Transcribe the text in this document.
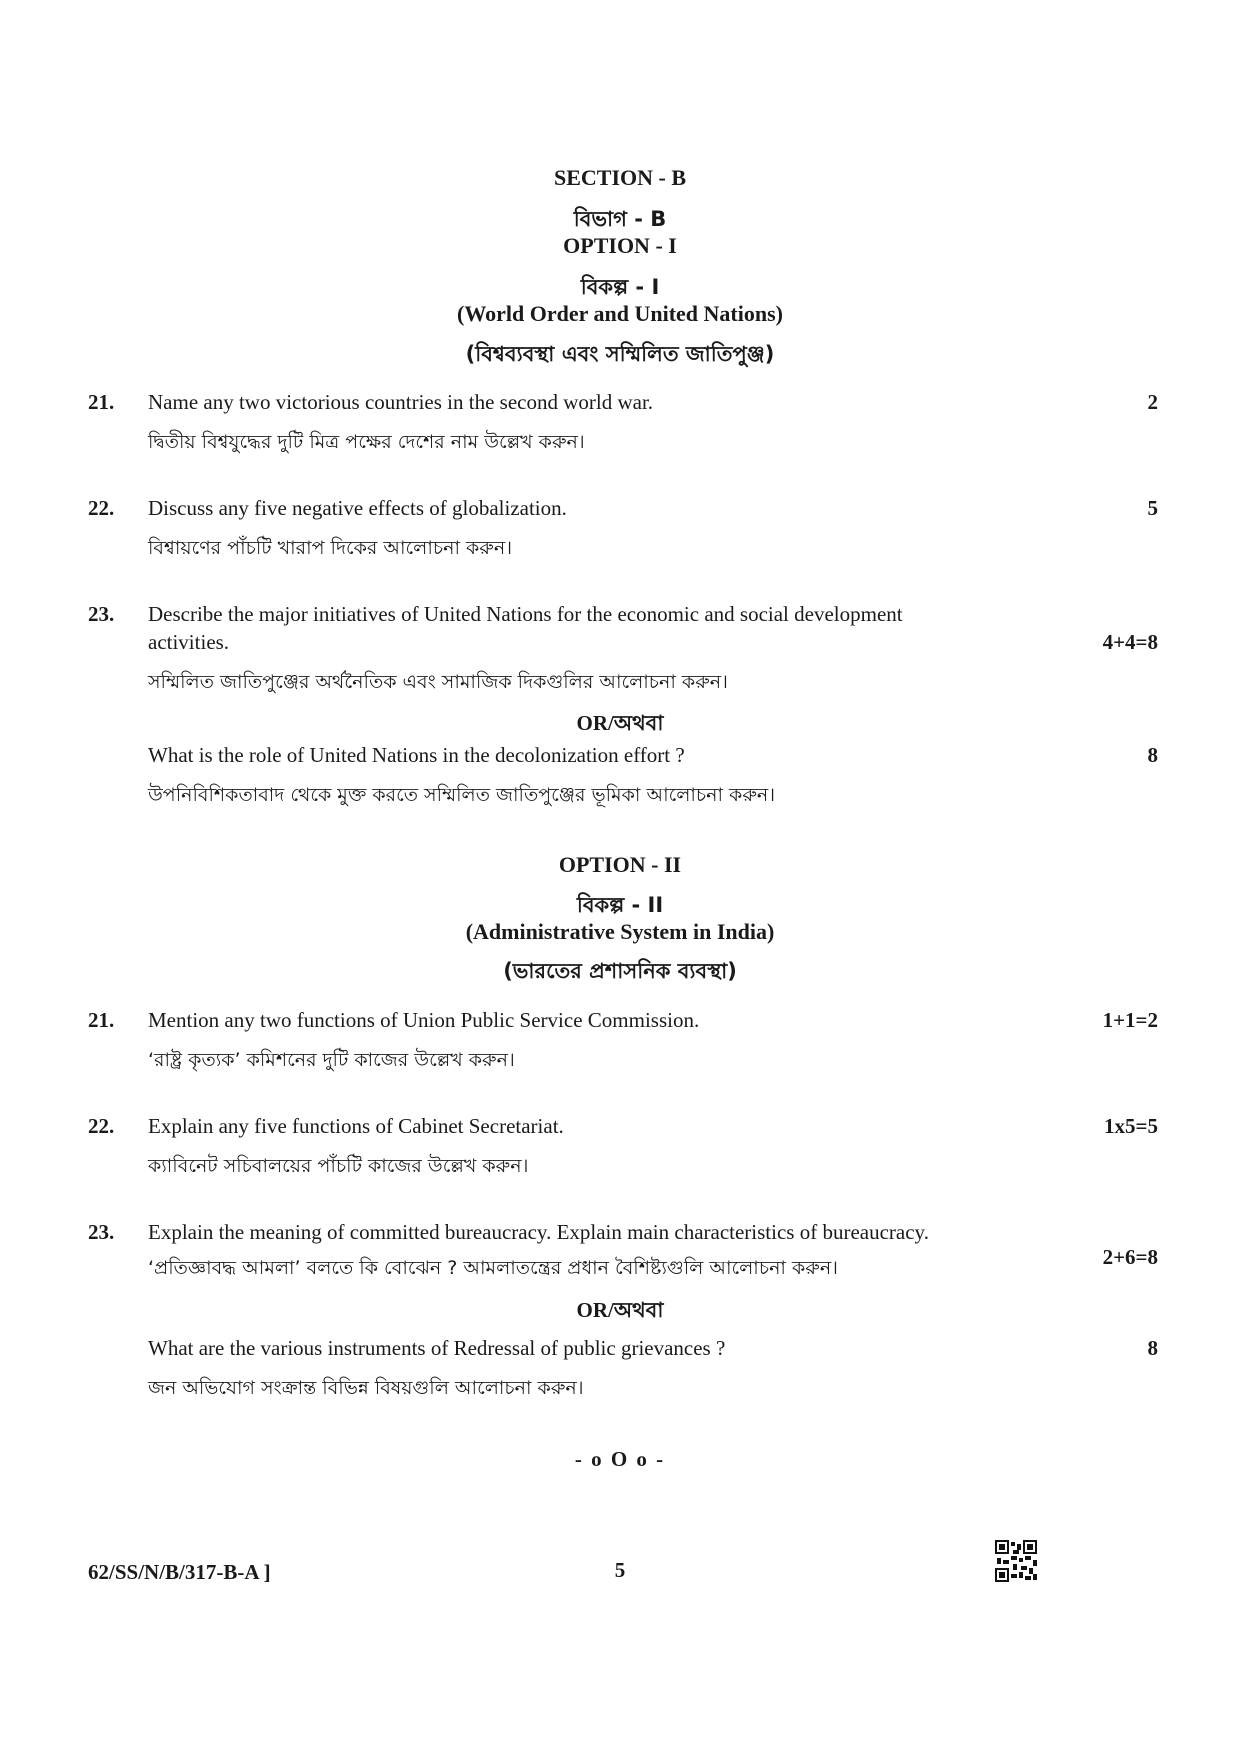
SECTION - B
বিভাগ - B
OPTION - I
বিকল্প - I
(World Order and United Nations)
(বিশ্বব্যবস্থা এবং সম্মিলিত জাতিপুঞ্জ)
21. Name any two victorious countries in the second world war.	2
দ্বিতীয় বিশ্বযুদ্ধের দুটি মিত্র পক্ষের দেশের নাম উল্লেখ করুন।
22. Discuss any five negative effects of globalization.	5
বিশ্বায়ণের পাঁচটি খারাপ দিকের আলোচনা করুন।
23. Describe the major initiatives of United Nations for the economic and social development
activities.	4+4=8
সম্মিলিত জাতিপুঞ্জের অর্থনৈতিক এবং সামাজিক দিকগুলির আলোচনা করুন।
OR/অথবা
What is the role of United Nations in the decolonization effort ?	8
উপনিবিশিকতাবাদ থেকে মুক্ত করতে সম্মিলিত জাতিপুঞ্জের ভূমিকা আলোচনা করুন।
OPTION - II
বিকল্প - II
(Administrative System in India)
(ভারতের প্রশাসনিক ব্যবস্থা)
21. Mention any two functions of Union Public Service Commission.	1+1=2
‘রাষ্ট্র কৃত্যক’ কমিশনের দুটি কাজের উল্লেখ করুন।
22. Explain any five functions of Cabinet Secretariat.	1x5=5
ক্যাবিনেট সচিবালয়ের পাঁচটি কাজের উল্লেখ করুন।
23. Explain the meaning of committed bureaucracy. Explain main characteristics of bureaucracy.
‘প্রতিজ্ঞাবদ্ধ আমলা’ বলতে কি বোঝেন ? আমলাতন্ত্রের প্রধান বৈশিষ্ট্যগুলি আলোচনা করুন।	2+6=8
OR/অথবা
What are the various instruments of Redressal of public grievances ?	8
জন অভিযোগ সংক্রান্ত বিভিন্ন বিষয়গুলি আলোচনা করুন।
- o O o -
62/SS/N/B/317-B-A ]	5
